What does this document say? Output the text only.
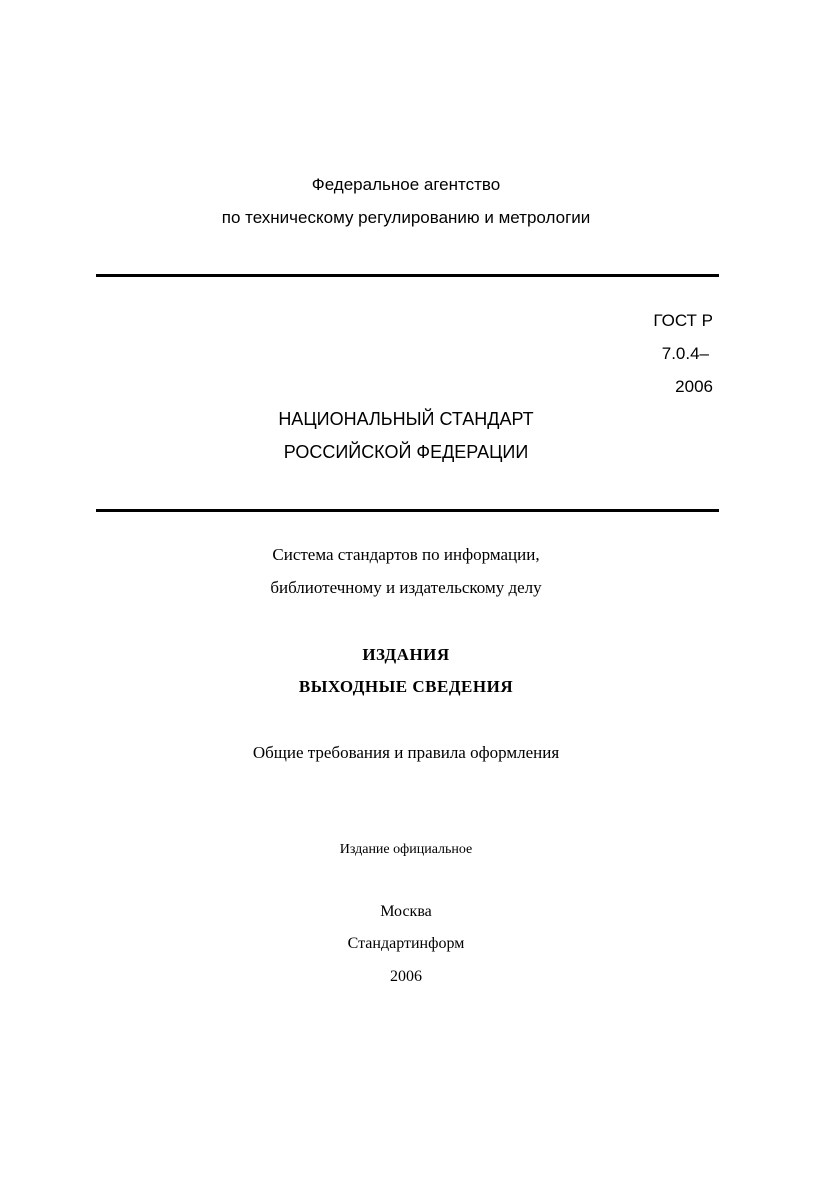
Федеральное агентство
по техническому регулированию и метрологии
ГОСТ Р
7.0.4–
2006
НАЦИОНАЛЬНЫЙ СТАНДАРТ
РОССИЙСКОЙ ФЕДЕРАЦИИ
Система стандартов по информации,
библиотечному и издательскому делу
ИЗДАНИЯ
ВЫХОДНЫЕ СВЕДЕНИЯ
Общие требования и правила оформления
Издание официальное
Москва
Стандартинформ
2006
